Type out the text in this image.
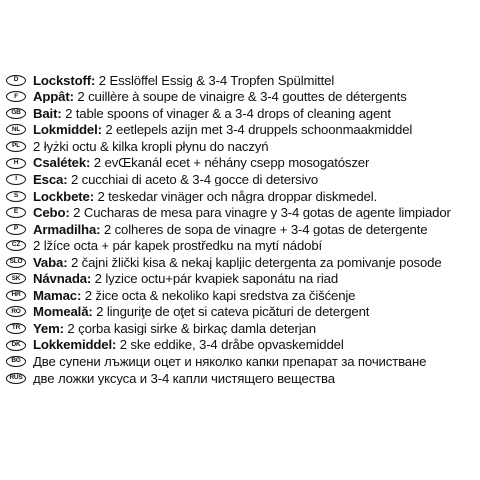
D	Lockstoff: 2 Esslöffel Essig & 3-4 Tropfen Spülmittel
F	Appât: 2 cuillère à soupe de vinaigre & 3-4 gouttes de détergents
GB Bait: 2 table spoons of vinager & a 3-4 drops of cleaning agent
NL Lokmiddel: 2 eetlepels azijn met 3-4 druppels schoonmaakmiddel
PL 2 łyżki octu & kilka kropli płynu do naczyń
H	Csalétek: 2 evŒkanál ecet + néhány csepp mosogatószer
I	Esca: 2 cucchiai di aceto & 3-4 gocce di detersivo
S	Lockbete: 2 teskedar vinäger och några droppar diskmedel.
E	Cebo: 2 Cucharas de mesa para vinagre y 3-4 gotas de agente limpiador
P	Armadilha: 2 colheres de sopa de vinagre + 3-4 gotas de detergente
CZ 2 lžíce octa + pár kapek prostředku na mytí nádobí
SLO Vaba: 2 čajni žlički kisa & nekaj kapljic detergenta za pomivanje posode
SK Návnada: 2 lyzice octu+pár kvapiek saponátu na riad
HR Mamac: 2 žice octa & nekoliko kapi sredstva za čišćenje
RO Momeală: 2 linguriţe de oţet si cateva picături de detergent
TR Yem: 2 çorba kasigi sirke & birkaç damla deterjan
DK Lokkemiddel: 2 ske eddike, 3-4 dråbe opvaskemiddel
BG Две супени лъжици оцет и няколко капки препарат за почистване
RUS две ложки уксуса и 3-4 капли чистящего вещества
